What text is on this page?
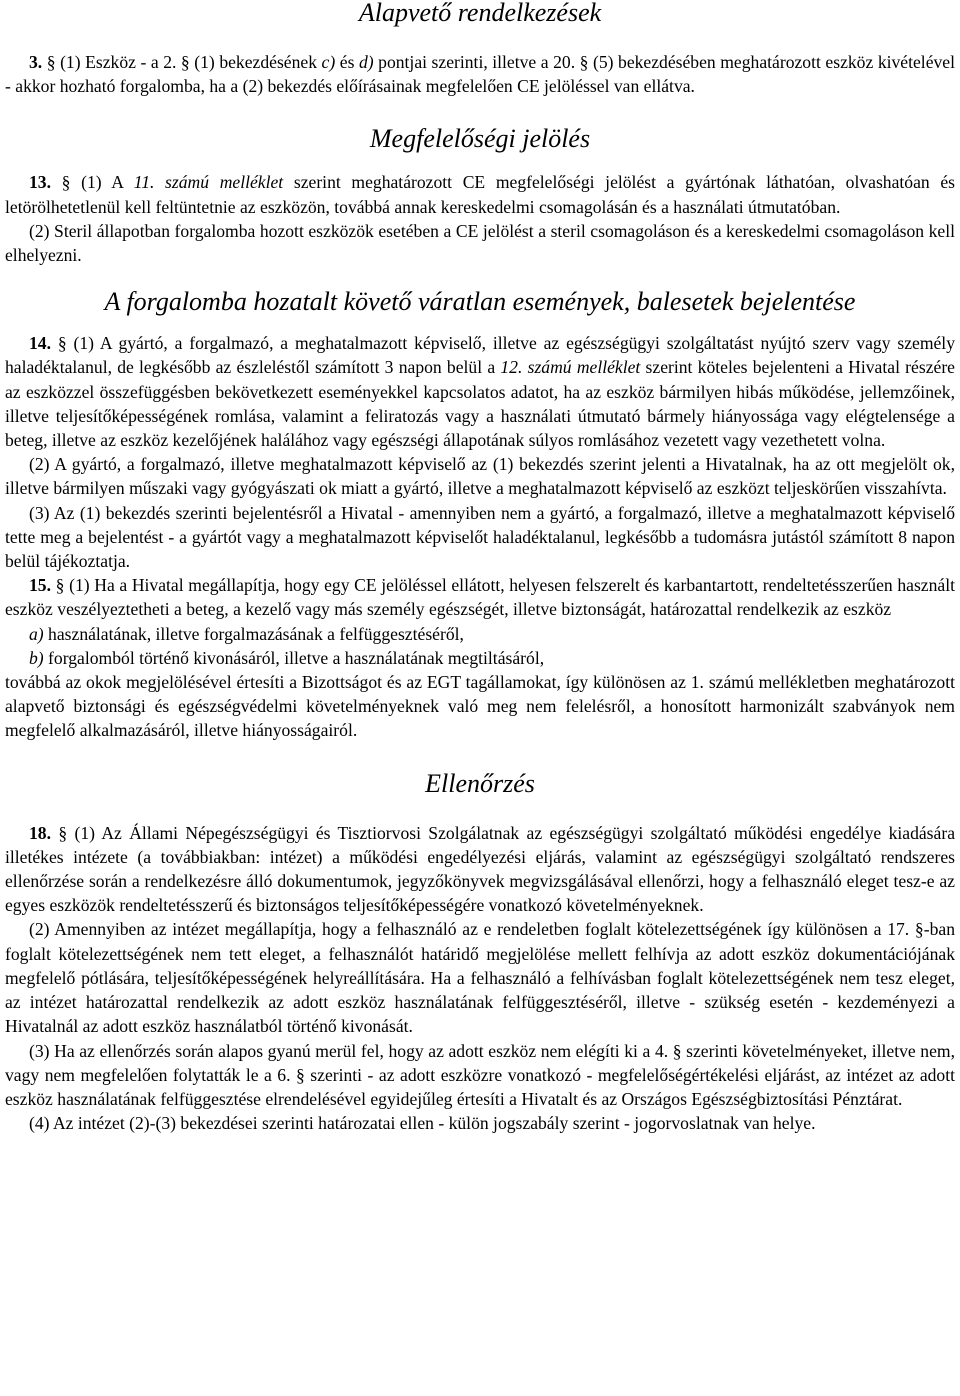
Alapvető rendelkezések

3. § (1) Eszköz - a 2. § (1) bekezdésének c) és d) pontjai szerinti, illetve a 20. § (5) bekezdésében meghatározott eszköz kivételével - akkor hozható forgalomba, ha a (2) bekezdés előírásainak megfelelően CE jelöléssel van ellátva.

Megfelelőségi jelölés

13. § (1) A 11. számú melléklet szerint meghatározott CE megfelelőségi jelölést a gyártónak láthatóan, olvashatóan és letörölhetetlenül kell feltüntetnie az eszközön, továbbá annak kereskedelmi csomagolásán és a használati útmutatóban.

(2) Steril állapotban forgalomba hozott eszközök esetében a CE jelölést a steril csomagoláson és a kereskedelmi csomagoláson kell elhelyezni.

A forgalomba hozatalt követő váratlan események, balesetek bejelentése

14. § (1) A gyártó, a forgalmazó, a meghatalmazott képviselő, illetve az egészségügyi szolgáltatást nyújtó szerv vagy személy haladéktalanul, de legkésőbb az észleléstől számított 3 napon belül a 12. számú melléklet szerint köteles bejelenteni a Hivatal részére az eszközzel összefüggésben bekövetkezett eseményekkel kapcsolatos adatot, ha az eszköz bármilyen hibás működése, jellemzőinek, illetve teljesítőképességének romlása, valamint a feliratozás vagy a használati útmutató bármely hiányossága vagy elégtelensége a beteg, illetve az eszköz kezelőjének halálához vagy egészségi állapotának súlyos romlásához vezetett vagy vezethetett volna.

(2) A gyártó, a forgalmazó, illetve meghatalmazott képviselő az (1) bekezdés szerint jelenti a Hivatalnak, ha az ott megjelölt ok, illetve bármilyen műszaki vagy gyógyászati ok miatt a gyártó, illetve a meghatalmazott képviselő az eszközt teljeskörűen visszahívta.

(3) Az (1) bekezdés szerinti bejelentésről a Hivatal - amennyiben nem a gyártó, a forgalmazó, illetve a meghatalmazott képviselő tette meg a bejelentést - a gyártót vagy a meghatalmazott képviselőt haladéktalanul, legkésőbb a tudomásra jutástól számított 8 napon belül tájékoztatja.

15. § (1) Ha a Hivatal megállapítja, hogy egy CE jelöléssel ellátott, helyesen felszerelt és karbantartott, rendeltetésszerűen használt eszköz veszélyeztetheti a beteg, a kezelő vagy más személy egészségét, illetve biztonságát, határozattal rendelkezik az eszköz

a) használatának, illetve forgalmazásának a felfüggesztéséről,

b) forgalomból történő kivonásáról, illetve a használatának megtiltásáról,

továbbá az okok megjelölésével értesíti a Bizottságot és az EGT tagállamokat, így különösen az 1. számú mellékletben meghatározott alapvető biztonsági és egészségvédelmi követelményeknek való meg nem felelésről, a honosított harmonizált szabványok nem megfelelő alkalmazásáról, illetve hiányosságairól.

Ellenőrzés

18. § (1) Az Állami Népegészségügyi és Tisztiorvosi Szolgálatnak az egészségügyi szolgáltató működési engedélye kiadására illetékes intézete (a továbbiakban: intézet) a működési engedélyezési eljárás, valamint az egészségügyi szolgáltató rendszeres ellenőrzése során a rendelkezésre álló dokumentumok, jegyzőkönyvek megvizsgálásával ellenőrzi, hogy a felhasználó eleget tesz-e az egyes eszközök rendeltetésszerű és biztonságos teljesítőképességére vonatkozó követelményeknek.

(2) Amennyiben az intézet megállapítja, hogy a felhasználó az e rendeletben foglalt kötelezettségének így különösen a 17. §-ban foglalt kötelezettségének nem tett eleget, a felhasználót határidő megjelölése mellett felhívja az adott eszköz dokumentációjának megfelelő pótlására, teljesítőképességének helyreállítására. Ha a felhasználó a felhívásban foglalt kötelezettségének nem tesz eleget, az intézet határozattal rendelkezik az adott eszköz használatának felfüggesztéséről, illetve - szükség esetén - kezdeményezi a Hivatalnál az adott eszköz használatból történő kivonását.

(3) Ha az ellenőrzés során alapos gyanú merül fel, hogy az adott eszköz nem elégíti ki a 4. § szerinti követelményeket, illetve nem, vagy nem megfelelően folytatták le a 6. § szerinti - az adott eszközre vonatkozó - megfelelőségértékelési eljárást, az intézet az adott eszköz használatának felfüggesztése elrendelésével egyidejűleg értesíti a Hivatalt és az Országos Egészségbiztosítási Pénztárat.

(4) Az intézet (2)-(3) bekezdései szerinti határozatai ellen - külön jogszabály szerint - jogorvoslatnak van helye.
